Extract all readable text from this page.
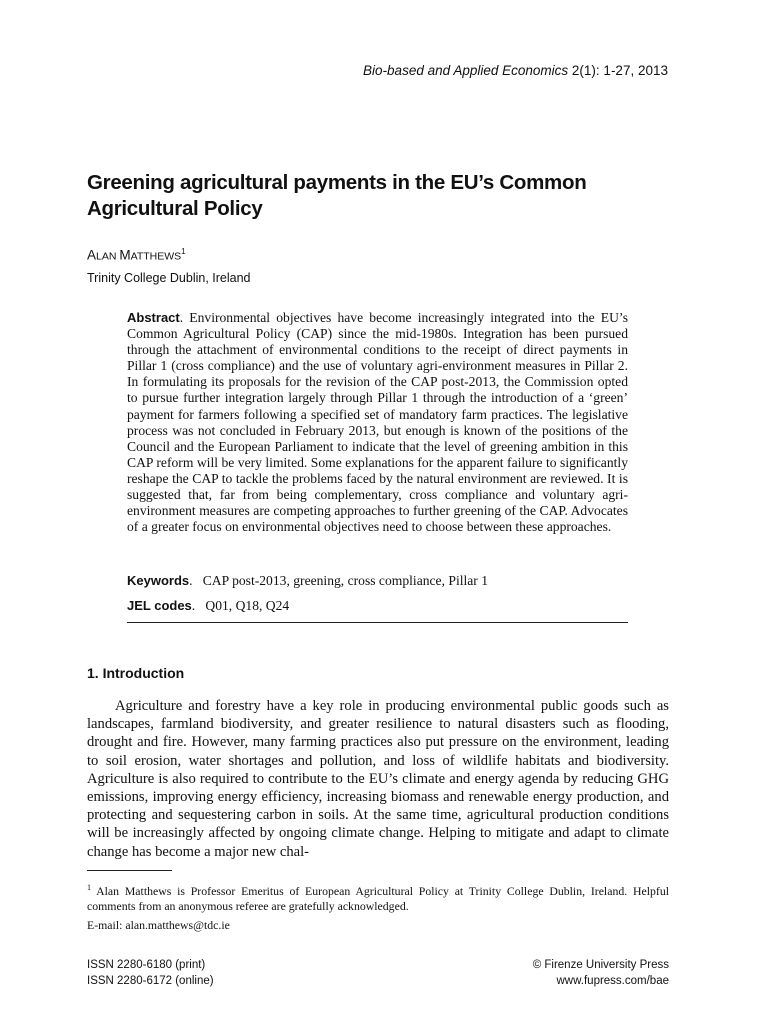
Bio-based and Applied Economics 2(1): 1-27, 2013
Greening agricultural payments in the EU’s Common Agricultural Policy
ALAN MATTHEWS$^1$
Trinity College Dublin, Ireland

Abstract. Environmental objectives have become increasingly integrated into the EU’s Common Agricultural Policy (CAP) since the mid-1980s. Integration has been pursued through the attachment of environmental conditions to the receipt of direct payments in Pillar 1 (cross compliance) and the use of voluntary agri-environment measures in Pillar 2. In formulating its proposals for the revision of the CAP post-2013, the Commission opted to pursue further integration largely through Pillar 1 through the introduction of a ‘green’ payment for farmers following a specified set of mandatory farm practices. The legislative process was not concluded in February 2013, but enough is known of the positions of the Council and the European Parliament to indicate that the level of greening ambition in this CAP reform will be very limited. Some explanations for the apparent failure to significantly reshape the CAP to tackle the problems faced by the natural environment are reviewed. It is suggested that, far from being complementary, cross compliance and voluntary agri-environment measures are competing approaches to further greening of the CAP. Advocates of a greater focus on environmental objectives need to choose between these approaches.

Keywords.   CAP post-2013, greening, cross compliance, Pillar 1
JEL codes.   Q01, Q18, Q24
1. Introduction

Agriculture and forestry have a key role in producing environmental public goods such as landscapes, farmland biodiversity, and greater resilience to natural disasters such as flooding, drought and fire. However, many farming practices also put pressure on the environment, leading to soil erosion, water shortages and pollution, and loss of wildlife habitats and biodiversity. Agriculture is also required to contribute to the EU’s climate and energy agenda by reducing GHG emissions, improving energy efficiency, increasing biomass and renewable energy production, and protecting and sequestering carbon in soils. At the same time, agricultural production conditions will be increasingly affected by ongoing climate change. Helping to mitigate and adapt to climate change has become a major new chal-

$^1$ Alan Matthews is Professor Emeritus of European Agricultural Policy at Trinity College Dublin, Ireland. Helpful comments from an anonymous referee are gratefully acknowledged.

E-mail: alan.matthews@tdc.ie
ISSN 2280-6180 (print)
ISSN 2280-6172 (online)
© Firenze University Press
www.fupress.com/bae
